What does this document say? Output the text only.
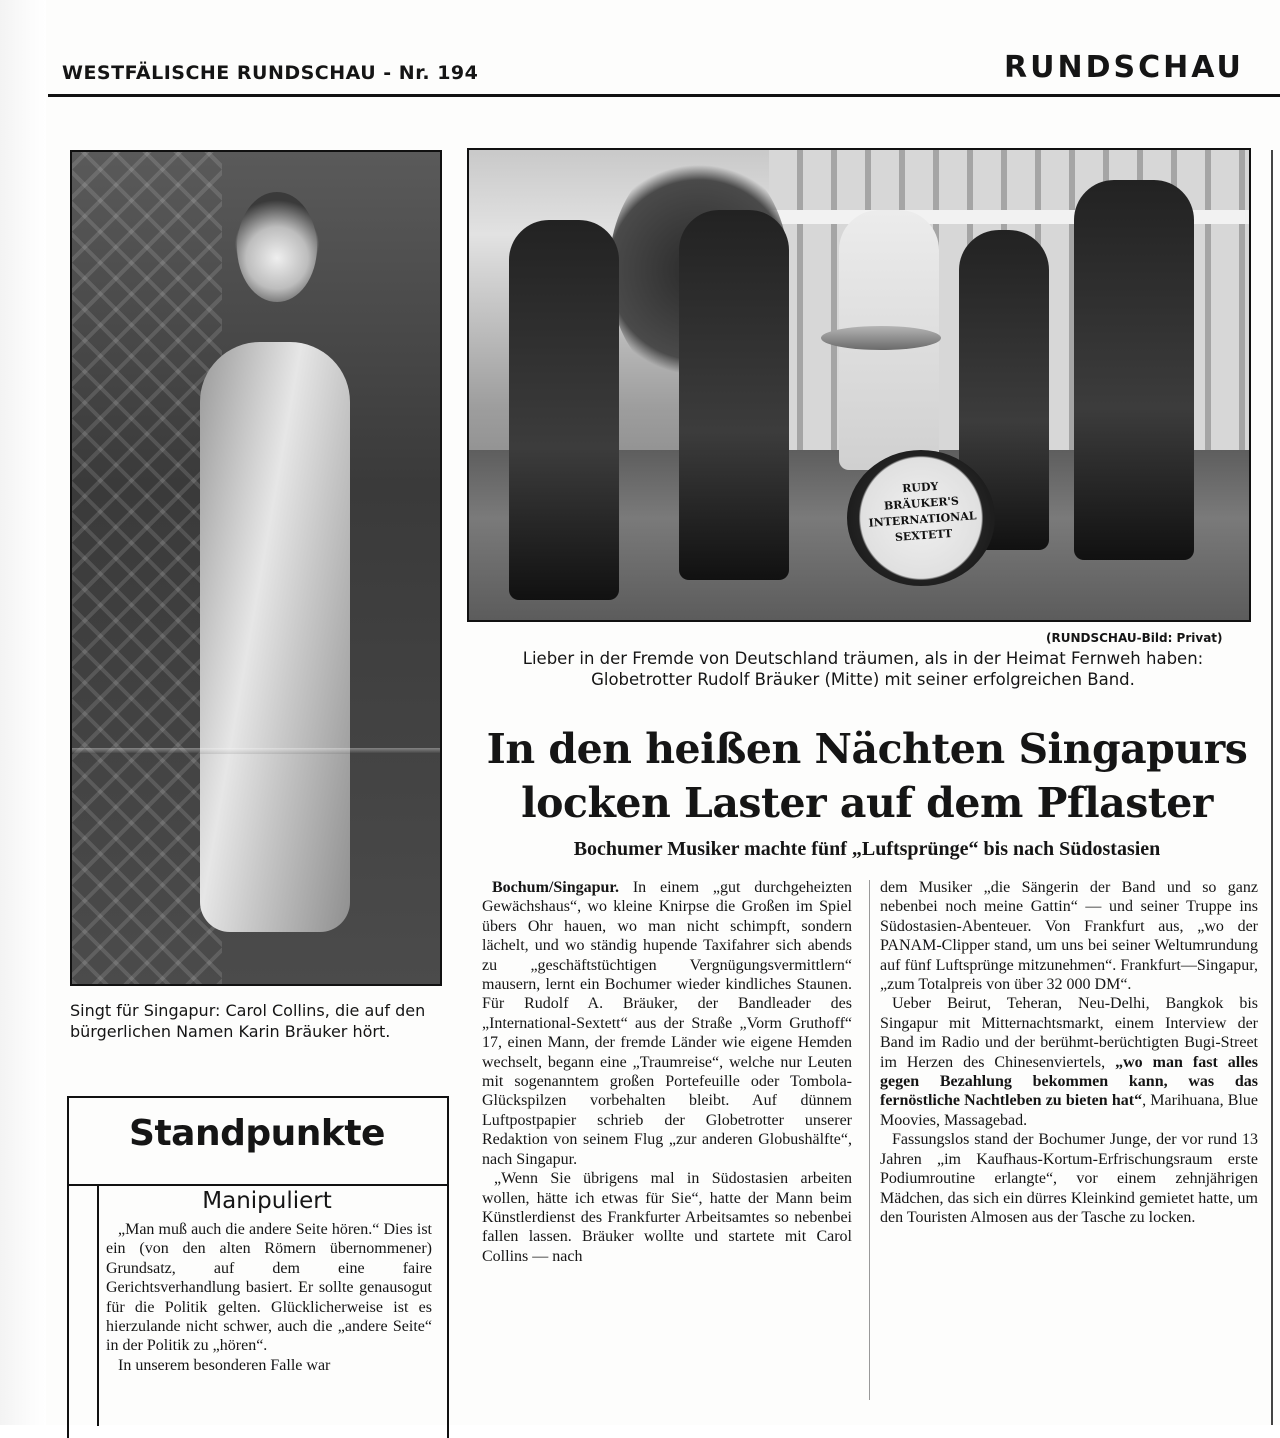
WESTFÄLISCHE RUNDSCHAU - Nr. 194	RUNDSCHAU
RUDY BRÄUKER'S INTERNATIONAL SEXTETT
(RUNDSCHAU-Bild: Privat)
Lieber in der Fremde von Deutschland träumen, als in der Heimat Fernweh haben: Globetrotter Rudolf Bräuker (Mitte) mit seiner erfolgreichen Band.
Singt für Singapur: Carol Collins, die auf den bürgerlichen Namen Karin Bräuker hört.
In den heißen Nächten Singapurs
locken Laster auf dem Pflaster
Bochumer Musiker machte fünf „Luftsprünge“ bis nach Südostasien

Bochum/Singapur. In einem „gut durchgeheizten Gewächshaus“, wo kleine Knirpse die Großen im Spiel übers Ohr hauen, wo man nicht schimpft, sondern lächelt, und wo ständig hupende Taxifahrer sich abends zu „geschäftstüchtigen Vergnügungsvermittlern“ mausern, lernt ein Bochumer wieder kindliches Staunen. Für Rudolf A. Bräuker, der Bandleader des „International-Sextett“ aus der Straße „Vorm Gruthoff“ 17, einen Mann, der fremde Länder wie eigene Hemden wechselt, begann eine „Traumreise“, welche nur Leuten mit sogenanntem großen Portefeuille oder Tombola-Glückspilzen vorbehalten bleibt. Auf dünnem Luftpostpapier schrieb der Globetrotter unserer Redaktion von seinem Flug „zur anderen Globushälfte“, nach Singapur.

„Wenn Sie übrigens mal in Südostasien arbeiten wollen, hätte ich etwas für Sie“, hatte der Mann beim Künstlerdienst des Frankfurter Arbeitsamtes so nebenbei fallen lassen. Bräuker wollte und startete mit Carol Collins — nach

dem Musiker „die Sängerin der Band und so ganz nebenbei noch meine Gattin“ — und seiner Truppe ins Südostasien-Abenteuer. Von Frankfurt aus, „wo der PANAM-Clipper stand, um uns bei seiner Weltumrundung auf fünf Luftsprünge mitzunehmen“. Frankfurt—Singapur, „zum Totalpreis von über 32 000 DM“.

Ueber Beirut, Teheran, Neu-Delhi, Bangkok bis Singapur mit Mitternachtsmarkt, einem Interview der Band im Radio und der berühmt-berüchtigten Bugi-Street im Herzen des Chinesenviertels, „wo man fast alles gegen Bezahlung bekommen kann, was das fernöstliche Nachtleben zu bieten hat“, Marihuana, Blue Moovies, Massagebad.

Fassungslos stand der Bochumer Junge, der vor rund 13 Jahren „im Kaufhaus-Kortum-Erfrischungsraum erste Podiumroutine erlangte“, vor einem zehnjährigen Mädchen, das sich ein dürres Kleinkind gemietet hatte, um den Touristen Almosen aus der Tasche zu locken.

Standpunkte
Manipuliert

„Man muß auch die andere Seite hören.“ Dies ist ein (von den alten Römern übernommener) Grundsatz, auf dem eine faire Gerichtsverhandlung basiert. Er sollte genausogut für die Politik gelten. Glücklicherweise ist es hierzulande nicht schwer, auch die „andere Seite“ in der Politik zu „hören“.

In unserem besonderen Falle war
